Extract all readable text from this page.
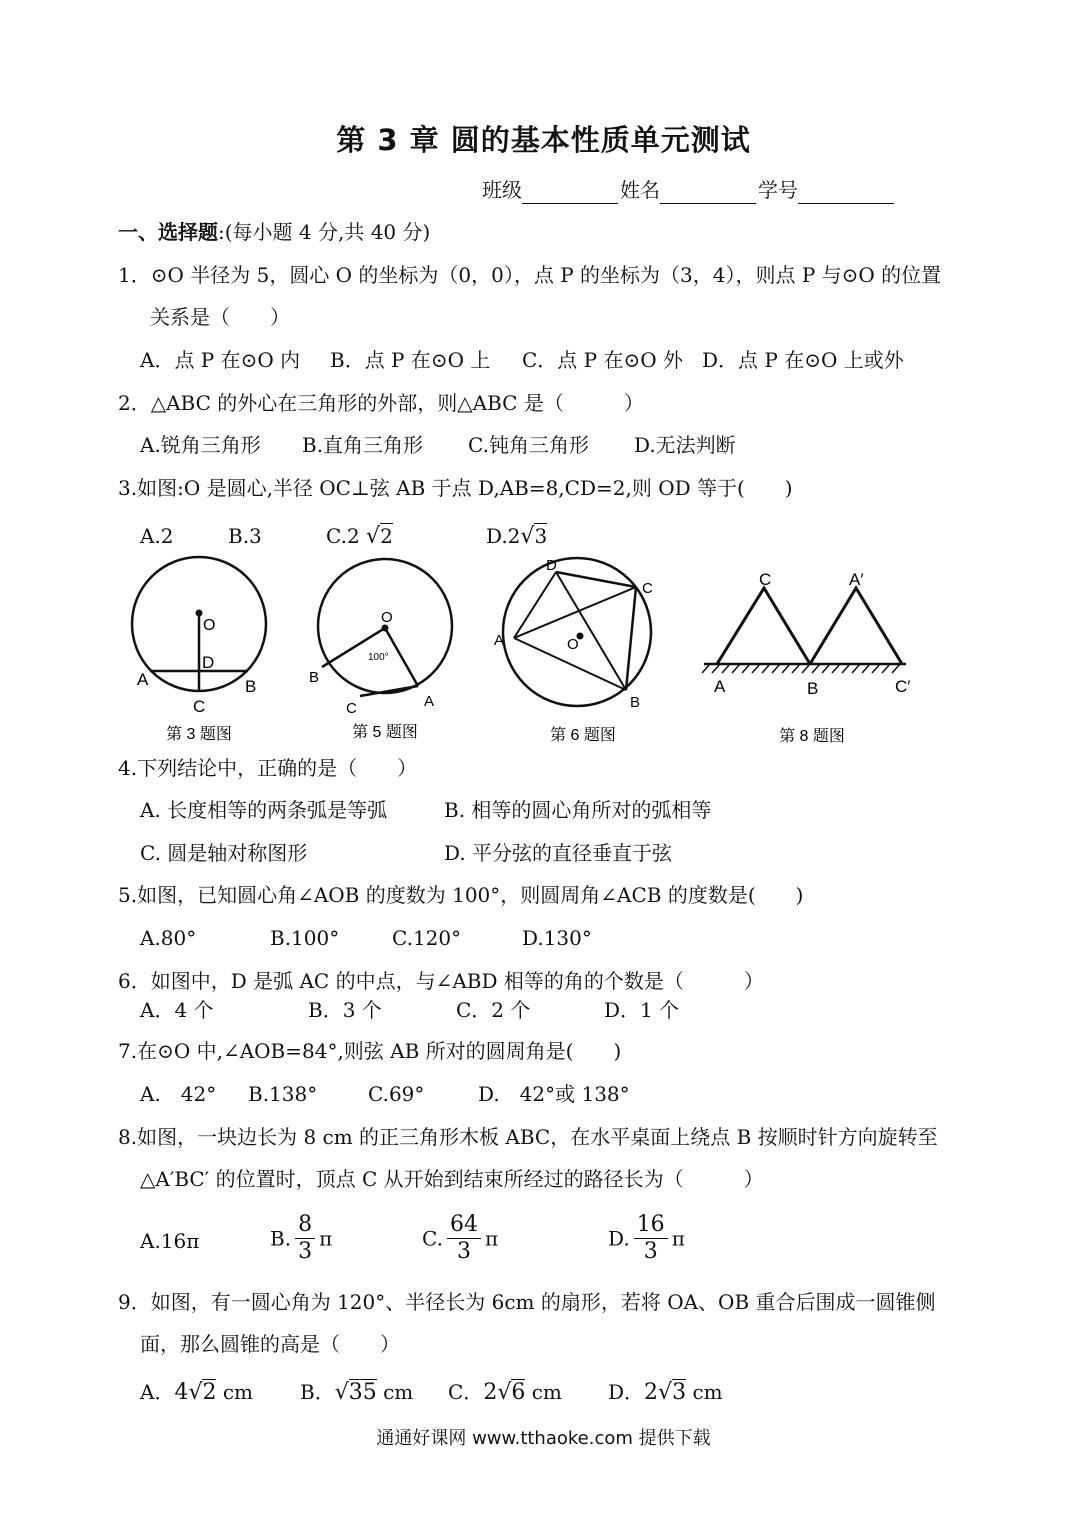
第 3 章 圆的基本性质单元测试
班级	姓名	学号
一、选择题:(每小题 4 分,共 40 分)
1．⊙O 半径为 5，圆心 O 的坐标为（0，0），点 P 的坐标为（3，4），则点 P 与⊙O 的位置
关系是（　　）
A．点 P 在⊙O 内 B．点 P 在⊙O 上 C．点 P 在⊙O 外 D．点 P 在⊙O 上或外
2．△ABC 的外心在三角形的外部，则△ABC 是（　　　）
A.锐角三角形 B.直角三角形 C.钝角三角形 D.无法判断
3.如图:O 是圆心,半径 OC⊥弦 AB 于点 D,AB=8,CD=2,则 OD 等于(　　)
A.2	B.3	C.2 √2	D.2√3
O
D
A	B
C
第 3 题图
O
100°
B
A
C
第 5 题图
D
C
A	O
B
第 6 题图
C	A′
A	B	C′
第 8 题图
4.下列结论中，正确的是（　　）
A. 长度相等的两条弧是等弧	B. 相等的圆心角所对的弧相等
C. 圆是轴对称图形	D. 平分弦的直径垂直于弦
5.如图，已知圆心角∠AOB 的度数为 100°，则圆周角∠ACB 的度数是(　　)
A.80°	B.100°	C.120°	D.130°
6．如图中，D 是弧 AC 的中点，与∠ABD 相等的角的个数是（　　　）
A．4 个	B．3 个	C．2 个	D．1 个
7.在⊙O 中,∠AOB=84°,则弦 AB 所对的圆周角是(　　)
A.　42° B.138°	C.69°	D.　42°或 138°
8.如图，一块边长为 8 cm 的正三角形木板 ABC，在水平桌面上绕点 B 按顺时针方向旋转至
△A′BC′ 的位置时，顶点 C 从开始到结束所经过的路径长为（　　　）
A.16π	B. $\frac{8}{3}$ π	C. $\frac{64}{3}$ π	D. $\frac{16}{3}$ π
9．如图，有一圆心角为 120°、半径长为 6cm 的扇形，若将 OA、OB 重合后围成一圆锥侧
面，那么圆锥的高是（　　）
A．4√2 cm B．√35 cm C．2√6 cm D．2√3 cm
通通好课网 www.tthaoke.com 提供下载
